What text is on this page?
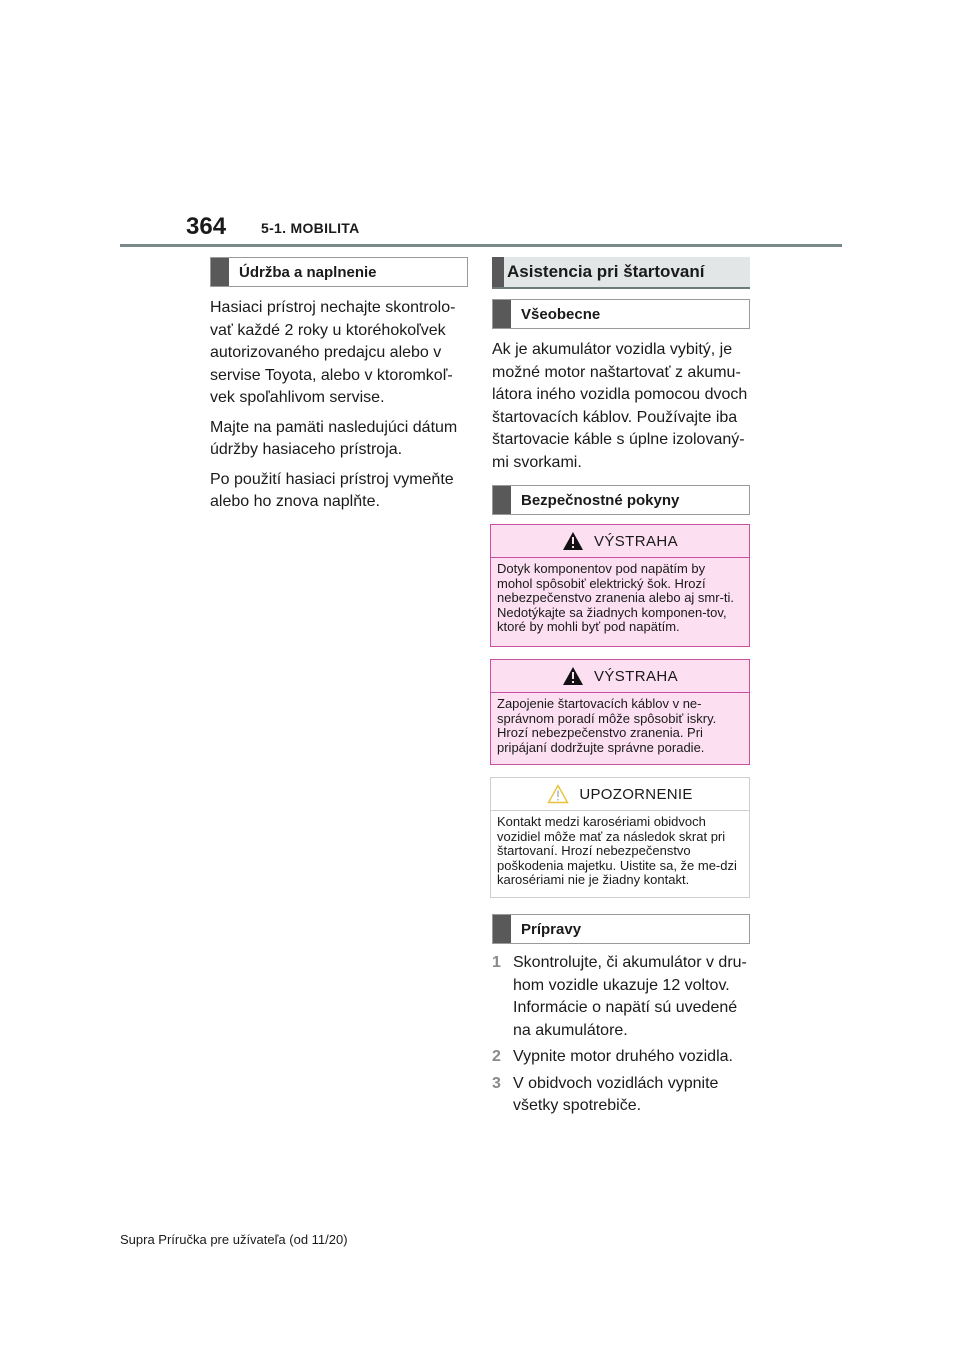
364 5-1. MOBILITA
Údržba a naplnenie

Hasiaci prístroj nechajte skontrolo-vať každé 2 roky u ktoréhokoľvek autorizovaného predajcu alebo v servise Toyota, alebo v ktoromkoľ-vek spoľahlivom servise.

Majte na pamäti nasledujúci dátum údržby hasiaceho prístroja.

Po použití hasiaci prístroj vymeňte alebo ho znova naplňte.

Asistencia pri štartovaní
Všeobecne

Ak je akumulátor vozidla vybitý, je možné motor naštartovať z akumu-látora iného vozidla pomocou dvoch štartovacích káblov. Používajte iba štartovacie káble s úplne izolovaný-mi svorkami.

Bezpečnostné pokyny
VÝSTRAHA
Dotyk komponentov pod napätím by mohol spôsobiť elektrický šok. Hrozí nebezpečenstvo zranenia alebo aj smr-ti. Nedotýkajte sa žiadnych komponen-tov, ktoré by mohli byť pod napätím.
VÝSTRAHA
Zapojenie štartovacích káblov v ne-správnom poradí môže spôsobiť iskry. Hrozí nebezpečenstvo zranenia. Pri pripájaní dodržujte správne poradie.
UPOZORNENIE
Kontakt medzi karosériami obidvoch vozidiel môže mať za následok skrat pri štartovaní. Hrozí nebezpečenstvo poškodenia majetku. Uistite sa, že me-dzi karosériami nie je žiadny kontakt.
Prípravy
1 Skontrolujte, či akumulátor v dru-hom vozidle ukazuje 12 voltov. Informácie o napätí sú uvedené na akumulátore.
2 Vypnite motor druhého vozidla.
3 V obidvoch vozidlách vypnite všetky spotrebiče.
Supra Príručka pre užívateľa (od 11/20)
